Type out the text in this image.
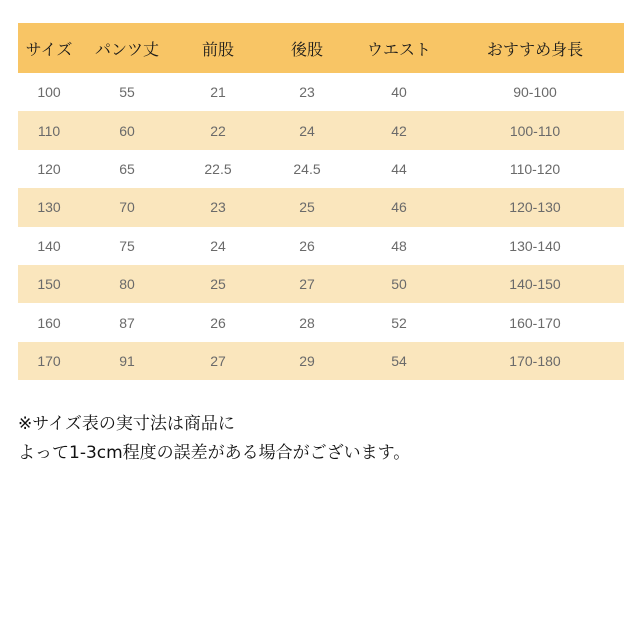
サイズ	パンツ丈	前股	後股	ウエスト	おすすめ身長
100	55	21	23	40	90-100
110	60	22	24	42	100-110
120	65	22.5	24.5	44	110-120
130	70	23	25	46	120-130
140	75	24	26	48	130-140
150	80	25	27	50	140-150
160	87	26	28	52	160-170
170	91	27	29	54	170-180
※サイズ表の実寸法は商品に
よって1-3cm程度の誤差がある場合がございます。
